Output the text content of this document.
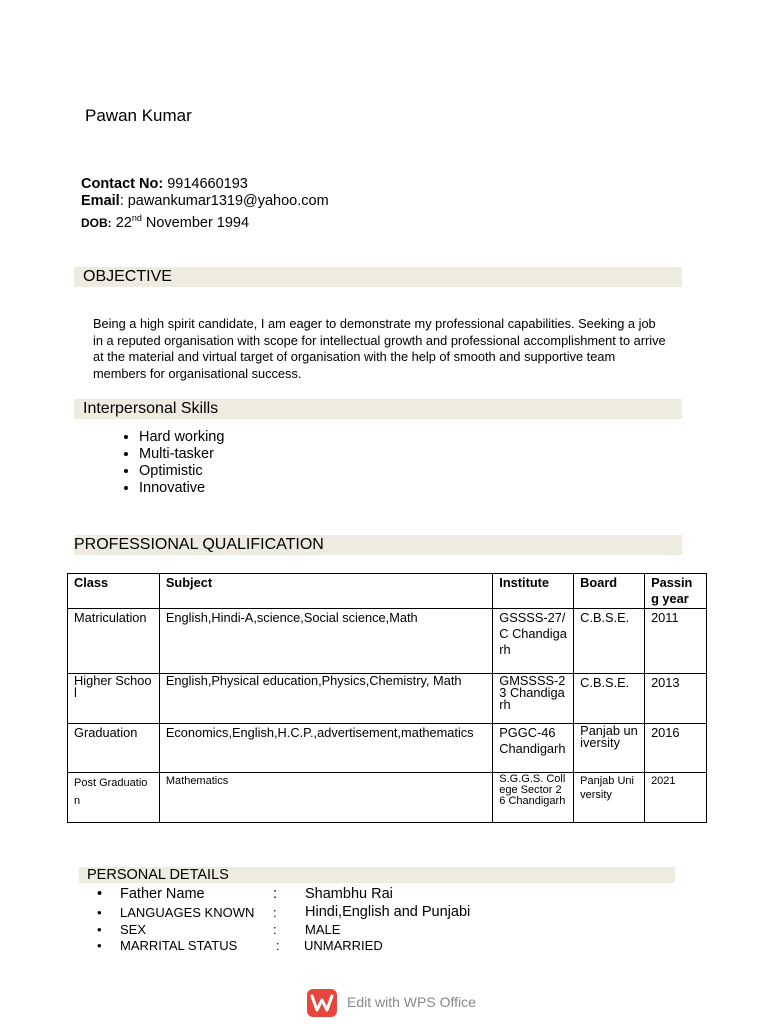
Pawan Kumar
Contact No: 9914660193
Email: pawankumar1319@yahoo.com
DOB: 22nd November 1994
OBJECTIVE
Being a high spirit candidate, I am eager to demonstrate my professional capabilities. Seeking a job in a reputed organisation with scope for intellectual growth and professional accomplishment to arrive at the material and virtual target of organisation with the help of smooth and supportive team members for organisational success.
Interpersonal Skills
• Hard working
• Multi-tasker
• Optimistic
• Innovative
PROFESSIONAL QUALIFICATION
Class	Subject	Institute	Board	Passing year
Matriculation	English,Hindi-A,science,Social science,Math	GSSSS-27/C Chandigarh	C.B.S.E.	2011
Higher School	English,Physical education,Physics,Chemistry, Math	GMSSSS-23 Chandigarh	C.B.S.E.	2013
Graduation	Economics,English,H.C.P.,advertisement,mathematics	PGGC-46 Chandigarh	Panjab university	2016
Post Graduation	Mathematics	S.G.G.S. College Sector 26 Chandigarh	Panjab University	2021
PERSONAL DETAILS
• Father Name	: Shambhu Rai
• LANGUAGES KNOWN : Hindi,English and Punjabi
• SEX	: MALE
• MARRITAL STATUS	: UNMARRIED
Edit with WPS Office
